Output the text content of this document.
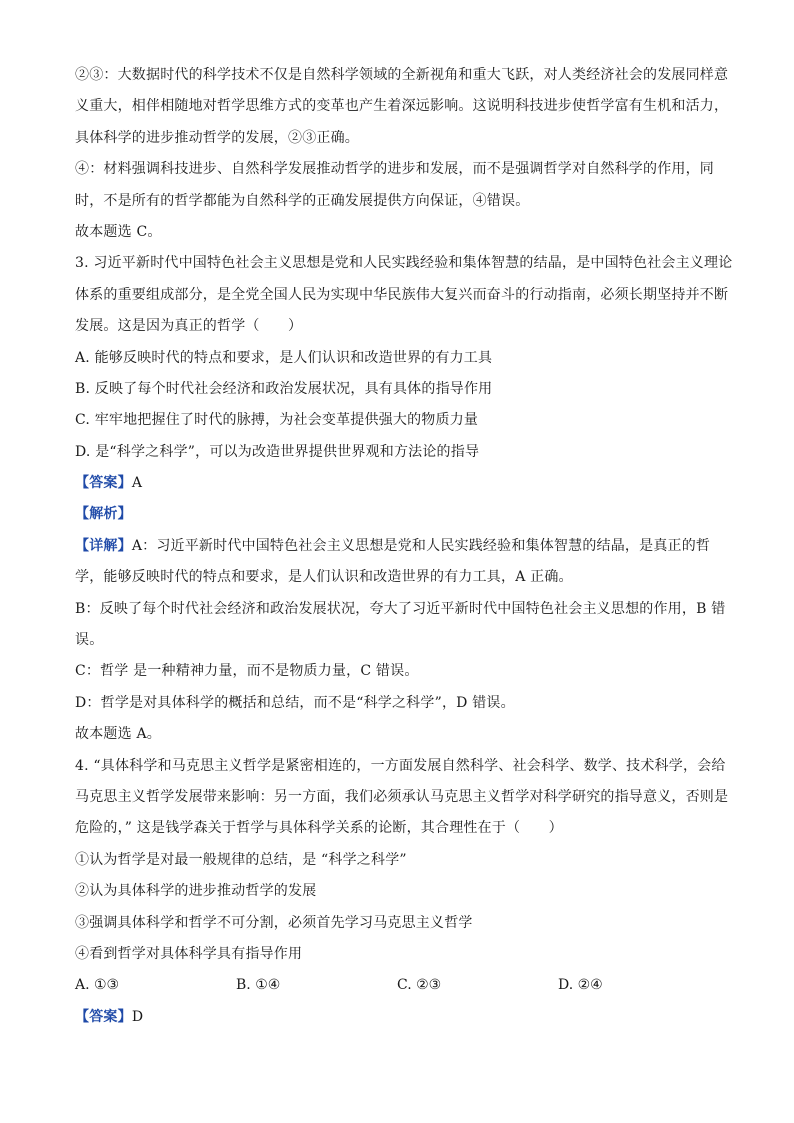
②③：大数据时代的科学技术不仅是自然科学领域的全新视角和重大飞跃，对人类经济社会的发展同样意
义重大，相伴相随地对哲学思维方式的变革也产生着深远影响。这说明科技进步使哲学富有生机和活力，
具体科学的进步推动哲学的发展，②③正确。
④：材料强调科技进步、自然科学发展推动哲学的进步和发展，而不是强调哲学对自然科学的作用，同
时，不是所有的哲学都能为自然科学的正确发展提供方向保证，④错误。
故本题选 C。
3. 习近平新时代中国特色社会主义思想是党和人民实践经验和集体智慧的结晶，是中国特色社会主义理论
体系的重要组成部分，是全党全国人民为实现中华民族伟大复兴而奋斗的行动指南，必须长期坚持并不断
发展。这是因为真正的哲学（　　）
A. 能够反映时代的特点和要求，是人们认识和改造世界的有力工具
B. 反映了每个时代社会经济和政治发展状况，具有具体的指导作用
C. 牢牢地把握住了时代的脉搏，为社会变革提供强大的物质力量
D. 是“科学之科学”，可以为改造世界提供世界观和方法论的指导
【答案】A
【解析】
【详解】A：习近平新时代中国特色社会主义思想是党和人民实践经验和集体智慧的结晶，是真正的哲
学，能够反映时代的特点和要求，是人们认识和改造世界的有力工具，A 正确。
B：反映了每个时代社会经济和政治发展状况，夸大了习近平新时代中国特色社会主义思想的作用，B 错
误。
C：哲学 是一种精神力量，而不是物质力量，C 错误。
D：哲学是对具体科学的概括和总结，而不是“科学之科学”，D 错误。
故本题选 A。
4. “具体科学和马克思主义哲学是紧密相连的，一方面发展自然科学、社会科学、数学、技术科学，会给
马克思主义哲学发展带来影响：另一方面，我们必须承认马克思主义哲学对科学研究的指导意义，否则是
危险的，” 这是钱学森关于哲学与具体科学关系的论断，其合理性在于（　　）
①认为哲学是对最一般规律的总结，是 “科学之科学”
②认为具体科学的进步推动哲学的发展
③强调具体科学和哲学不可分割，必须首先学习马克思主义哲学
④看到哲学对具体科学具有指导作用
A. ①③	B. ①④	C. ②③	D. ②④
【答案】D
